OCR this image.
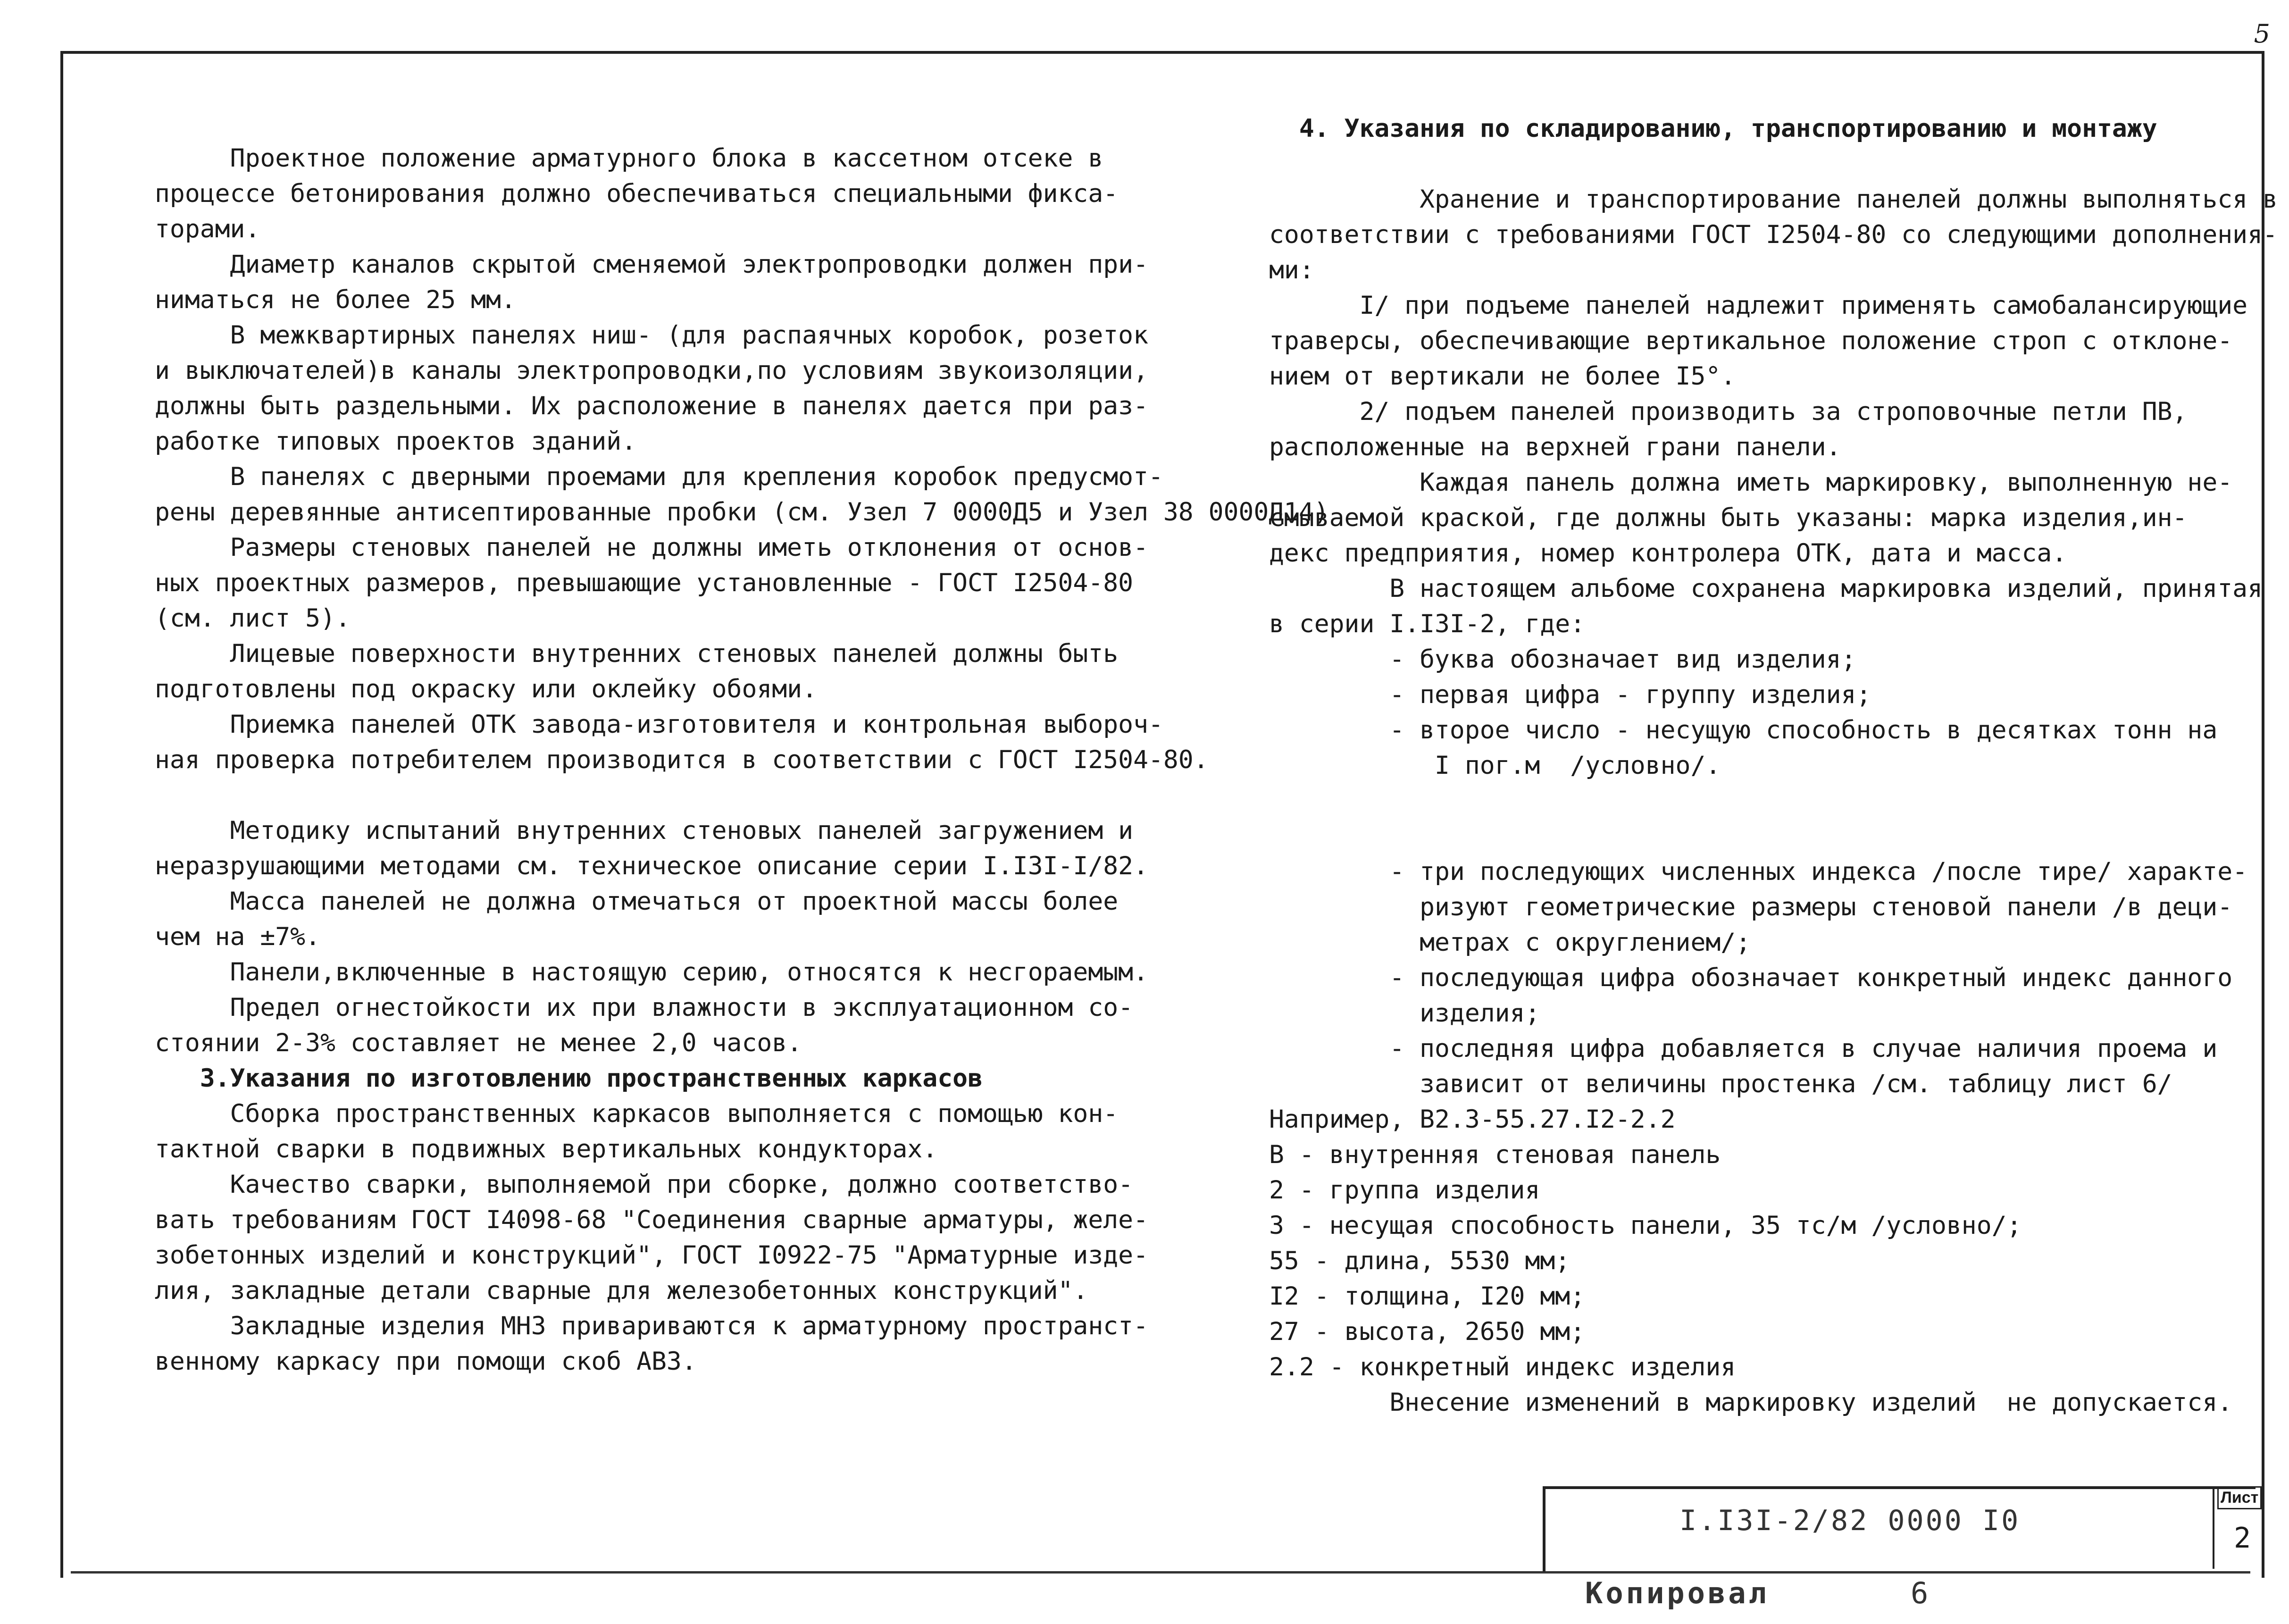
5
Проектное положение арматурного блока в кассетном отсеке в
процессе бетонирования должно обеспечиваться специальными фикса-
торами.
Диаметр каналов скрытой сменяемой электропроводки должен при-
ниматься не более 25 мм.
В межквартирных панелях ниш- (для распаячных коробок, розеток
и выключателей)в каналы электропроводки,по условиям звукоизоляции,
должны быть раздельными. Их расположение в панелях дается при раз-
работке типовых проектов зданий.
В панелях с дверными проемами для крепления коробок предусмот-
рены деревянные антисептированные пробки (см. Узел 7 0000Д5 и Узел 38 0000Д14)
Размеры стеновых панелей не должны иметь отклонения от основ-
ных проектных размеров, превышающие установленные - ГОСТ I2504-80
(см. лист 5).
Лицевые поверхности внутренних стеновых панелей должны быть
подготовлены под окраску или оклейку обоями.
Приемка панелей ОТК завода-изготовителя и контрольная выбороч-
ная проверка потребителем производится в соответствии с ГОСТ I2504-80.
Методику испытаний внутренних стеновых панелей загружением и
неразрушающими методами см. техническое описание серии I.I3I-I/82.
Масса панелей не должна отмечаться от проектной массы более
чем на ±7%.
Панели,включенные в настоящую серию, относятся к несгораемым.
Предел огнестойкости их при влажности в эксплуатационном со-
стоянии 2-3% составляет не менее 2,0 часов.
3.Указания по изготовлению пространственных каркасов
Сборка пространственных каркасов выполняется с помощью кон-
тактной сварки в подвижных вертикальных кондукторах.
Качество сварки, выполняемой при сборке, должно соответство-
вать требованиям ГОСТ I4098-68 "Соединения сварные арматуры, желе-
зобетонных изделий и конструкций", ГОСТ I0922-75 "Арматурные изде-
лия, закладные детали сварные для железобетонных конструкций".
Закладные изделия МНЗ привариваются к арматурному пространст-
венному каркасу при помощи скоб АВЗ.
4. Указания по складированию, транспортированию и монтажу
Хранение и транспортирование панелей должны выполняться в
соответствии с требованиями ГОСТ I2504-80 со следующими дополнения-
ми:
I/ при подъеме панелей надлежит применять самобалансирующие
траверсы, обеспечивающие вертикальное положение строп с отклоне-
нием от вертикали не более I5°.
2/ подъем панелей производить за строповочные петли ПВ,
расположенные на верхней грани панели.
Каждая панель должна иметь маркировку, выполненную не-
смываемой краской, где должны быть указаны: марка изделия,ин-
декс предприятия, номер контролера ОТК, дата и масса.
В настоящем альбоме сохранена маркировка изделий, принятая
в серии I.I3I-2, где:
- буква обозначает вид изделия;
- первая цифра - группу изделия;
- второе число - несущую способность в десятках тонн на
I пог.м  /условно/.
- три последующих численных индекса /после тире/ характе-
ризуют геометрические размеры стеновой панели /в деци-
метрах с округлением/;
- последующая цифра обозначает конкретный индекс данного
изделия;
- последняя цифра добавляется в случае наличия проема и
зависит от величины простенка /см. таблицу лист 6/
Например, В2.3-55.27.I2-2.2
В - внутренняя стеновая панель
2 - группа изделия
3 - несущая способность панели, 35 тс/м /условно/;
55 - длина, 5530 мм;
I2 - толщина, I20 мм;
27 - высота, 2650 мм;
2.2 - конкретный индекс изделия
Внесение изменений в маркировку изделий  не допускается.
I.I3I-2/82 0000 I0
Лист
2
Копировал	6
